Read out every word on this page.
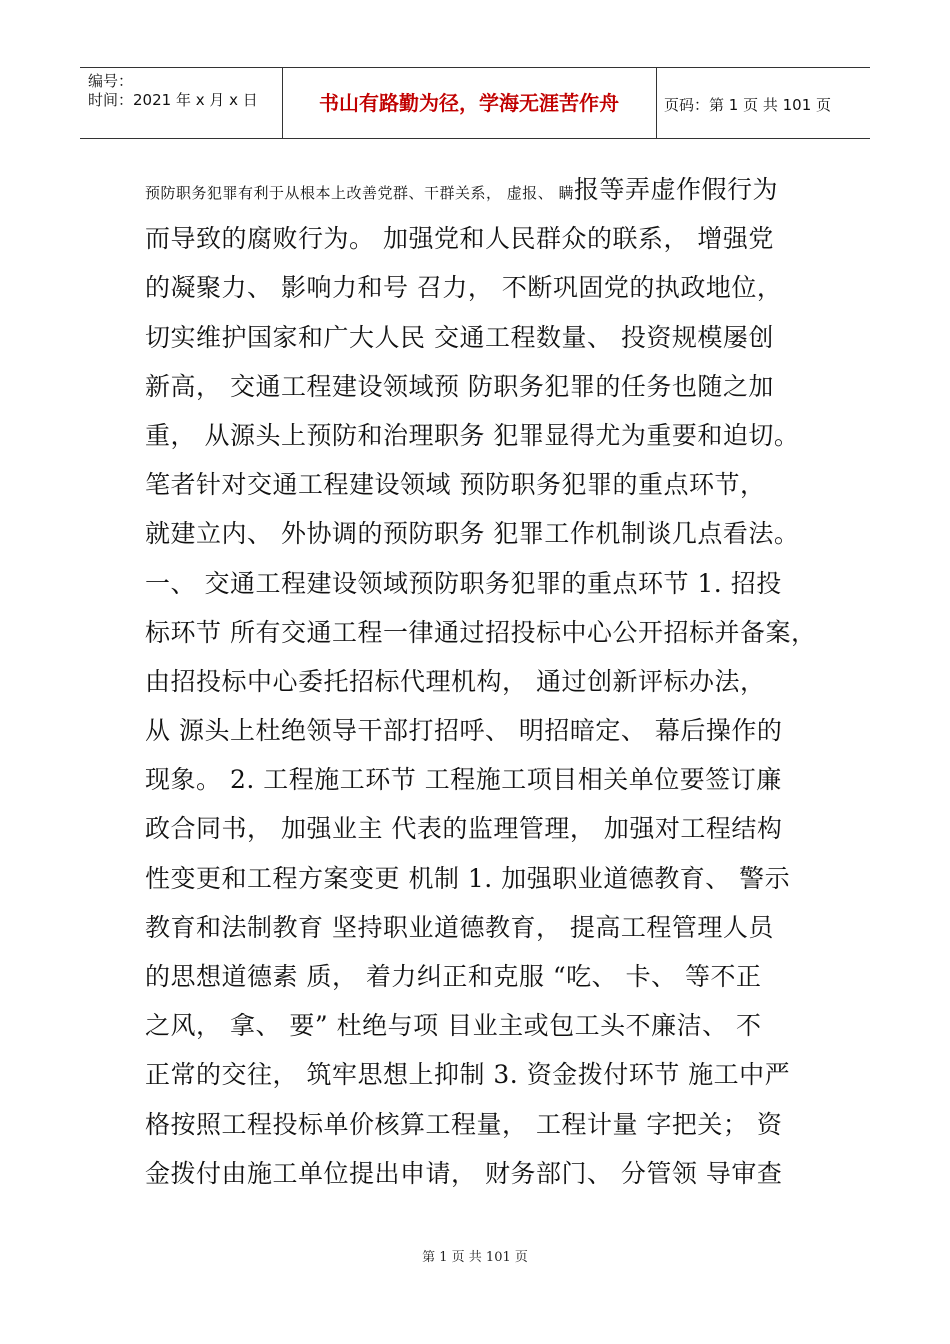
编号：
时间：2021 年 x 月 x 日	书山有路勤为径，学海无涯苦作舟	页码：第 1 页 共 101 页
预防职务犯罪有利于从根本上改善党群、干群关系， 虚报、 瞒报等弄虚作假行为
而导致的腐败行为。 加强党和人民群众的联系， 增强党
的凝聚力、 影响力和号 召力， 不断巩固党的执政地位，
切实维护国家和广大人民 交通工程数量、 投资规模屡创
新高， 交通工程建设领域预 防职务犯罪的任务也随之加
重， 从源头上预防和治理职务 犯罪显得尤为重要和迫切。
笔者针对交通工程建设领域 预防职务犯罪的重点环节，
就建立内、 外协调的预防职务 犯罪工作机制谈几点看法。
一、 交通工程建设领域预防职务犯罪的重点环节 1. 招投
标环节 所有交通工程一律通过招投标中心公开招标并备案，
由招投标中心委托招标代理机构， 通过创新评标办法，
从 源头上杜绝领导干部打招呼、 明招暗定、 幕后操作的
现象。 2. 工程施工环节 工程施工项目相关单位要签订廉
政合同书， 加强业主 代表的监理管理， 加强对工程结构
性变更和工程方案变更 机制 1. 加强职业道德教育、 警示
教育和法制教育 坚持职业道德教育， 提高工程管理人员
的思想道德素 质， 着力纠正和克服 “吃、 卡、 等不正
之风， 拿、 要” 杜绝与项 目业主或包工头不廉洁、 不
正常的交往， 筑牢思想上抑制 3. 资金拨付环节 施工中严
格按照工程投标单价核算工程量， 工程计量 字把关； 资
金拨付由施工单位提出申请， 财务部门、 分管领 导审查
第 1 页 共 101 页
